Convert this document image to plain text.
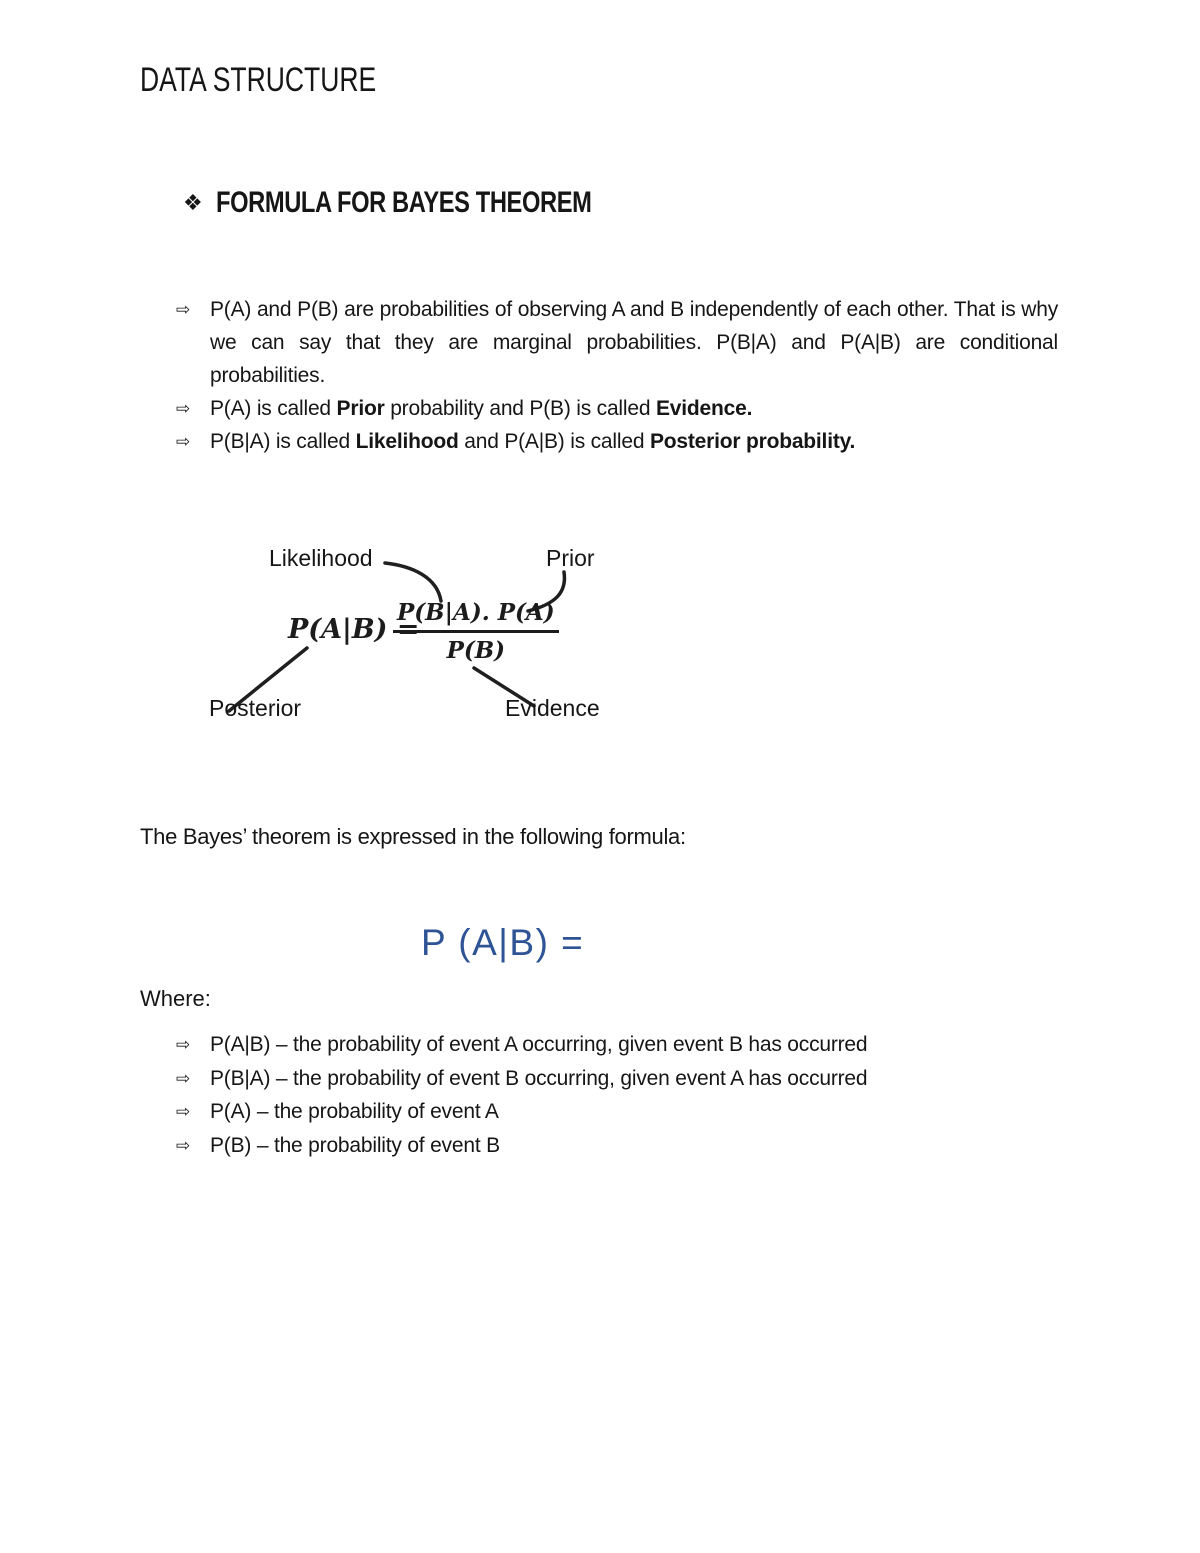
DATA STRUCTURE
❖ FORMULA FOR BAYES THEOREM
⇨ P(A) and P(B) are probabilities of observing A and B independently of each other. That is why we can say that they are marginal probabilities. P(B|A) and P(A|B) are conditional probabilities.

⇨ P(A) is called Prior probability and P(B) is called Evidence.

⇨ P(B|A) is called Likelihood and P(A|B) is called Posterior probability.

Likelihood	Prior
Posterior	Evidence
P(A|B) =
$\frac{P(B|A). P(A)}{P(B)}$

The Bayes’ theorem is expressed in the following formula:

P (A|B) =

Where:

⇨ P(A|B) – the probability of event A occurring, given event B has occurred

⇨ P(B|A) – the probability of event B occurring, given event A has occurred

⇨ P(A) – the probability of event A

⇨ P(B) – the probability of event B
